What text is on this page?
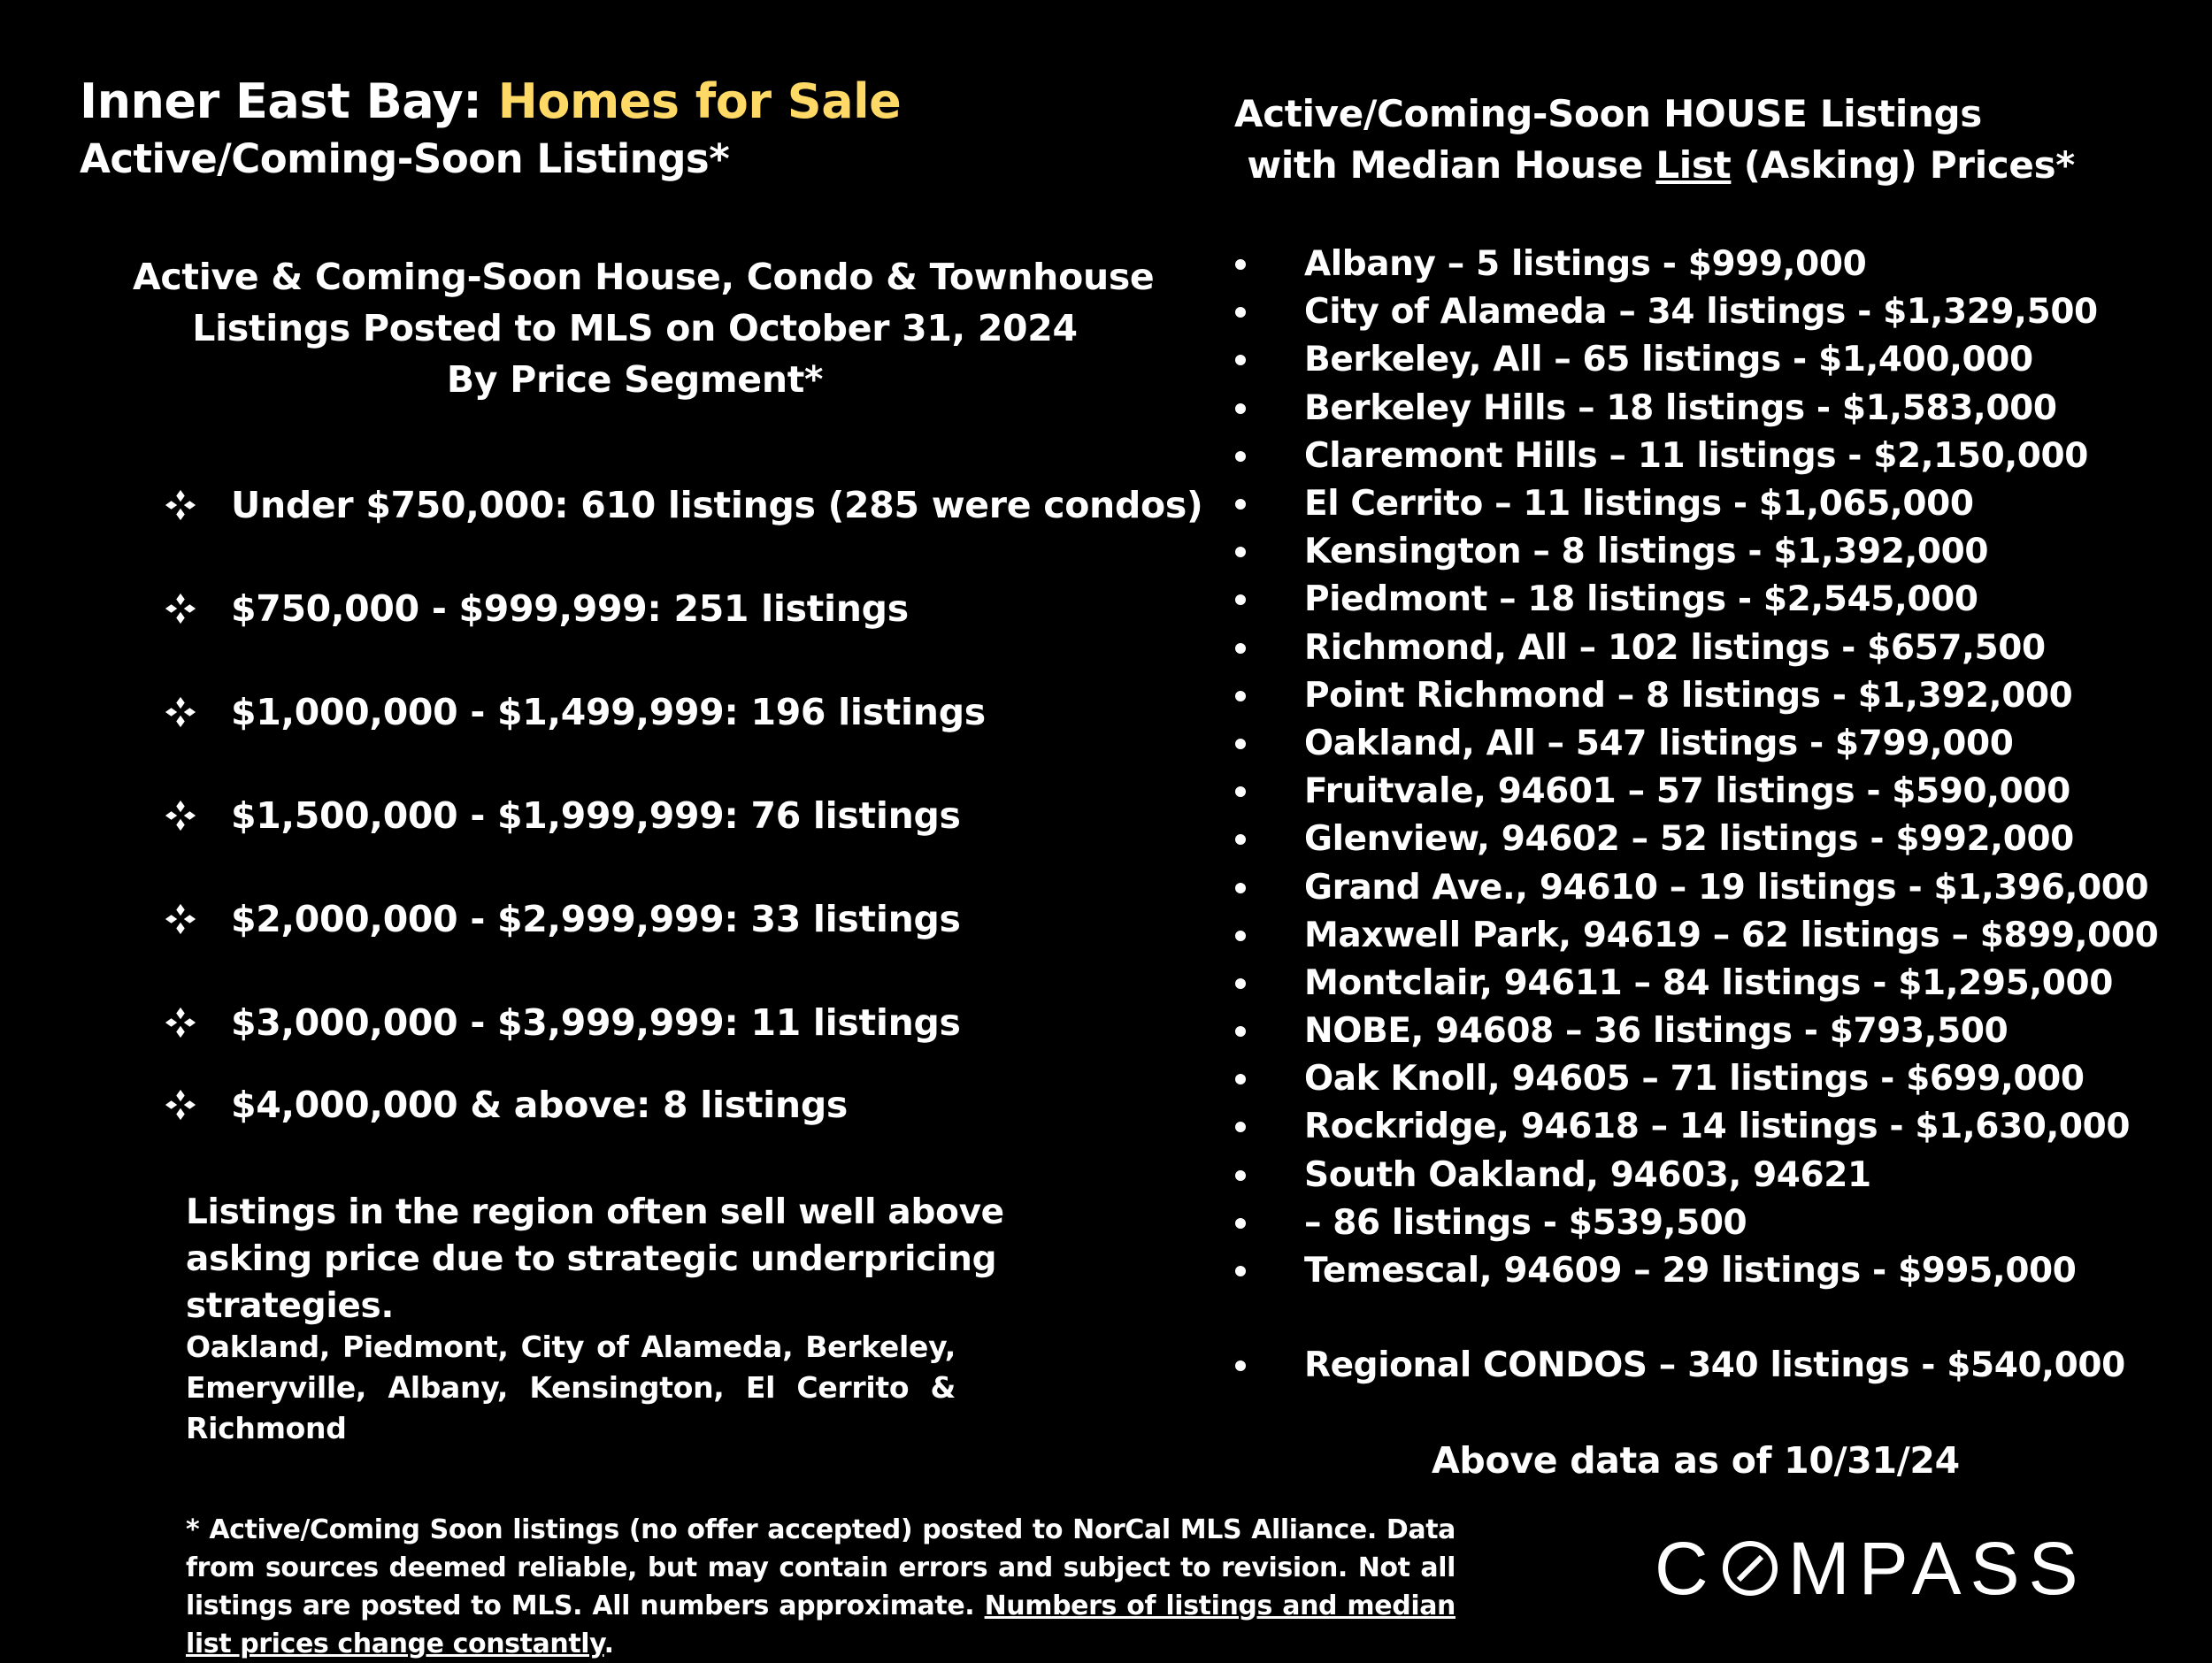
Inner East Bay: Homes for Sale
Active/Coming-Soon Listings*
Active & Coming-Soon House, Condo & Townhouse
Listings Posted to MLS on October 31, 2024
By Price Segment*
Under $750,000: 610 listings (285 were condos)
$750,000 - $999,999: 251 listings
$1,000,000 - $1,499,999: 196 listings
$1,500,000 - $1,999,999: 76 listings
$2,000,000 - $2,999,999: 33 listings
$3,000,000 - $3,999,999: 11 listings
$4,000,000 & above: 8 listings
Listings in the region often sell well above asking price due to strategic underpricing strategies.
Oakland, Piedmont, City of Alameda, Berkeley, Emeryville, Albany, Kensington, El Cerrito & Richmond
Active/Coming-Soon HOUSE Listings
with Median House List (Asking) Prices*
Albany – 5 listings - $999,000
City of Alameda – 34 listings - $1,329,500
Berkeley, All – 65 listings - $1,400,000
Berkeley Hills – 18 listings - $1,583,000
Claremont Hills – 11 listings - $2,150,000
El Cerrito – 11 listings - $1,065,000
Kensington – 8 listings - $1,392,000
Piedmont – 18 listings - $2,545,000
Richmond, All – 102 listings - $657,500
Point Richmond – 8 listings - $1,392,000
Oakland, All – 547 listings - $799,000
Fruitvale, 94601 – 57 listings - $590,000
Glenview, 94602 – 52 listings - $992,000
Grand Ave., 94610 – 19 listings - $1,396,000
Maxwell Park, 94619 – 62 listings – $899,000
Montclair, 94611 – 84 listings - $1,295,000
NOBE, 94608 – 36 listings - $793,500
Oak Knoll, 94605 – 71 listings - $699,000
Rockridge, 94618 – 14 listings - $1,630,000
South Oakland, 94603, 94621
– 86 listings - $539,500
Temescal, 94609 – 29 listings - $995,000
Regional CONDOS – 340 listings - $540,000
Above data as of 10/31/24
* Active/Coming Soon listings (no offer accepted) posted to NorCal MLS Alliance. Data from sources deemed reliable, but may contain errors and subject to revision. Not all listings are posted to MLS. All numbers approximate. Numbers of listings and median list prices change constantly.
C MPASS
